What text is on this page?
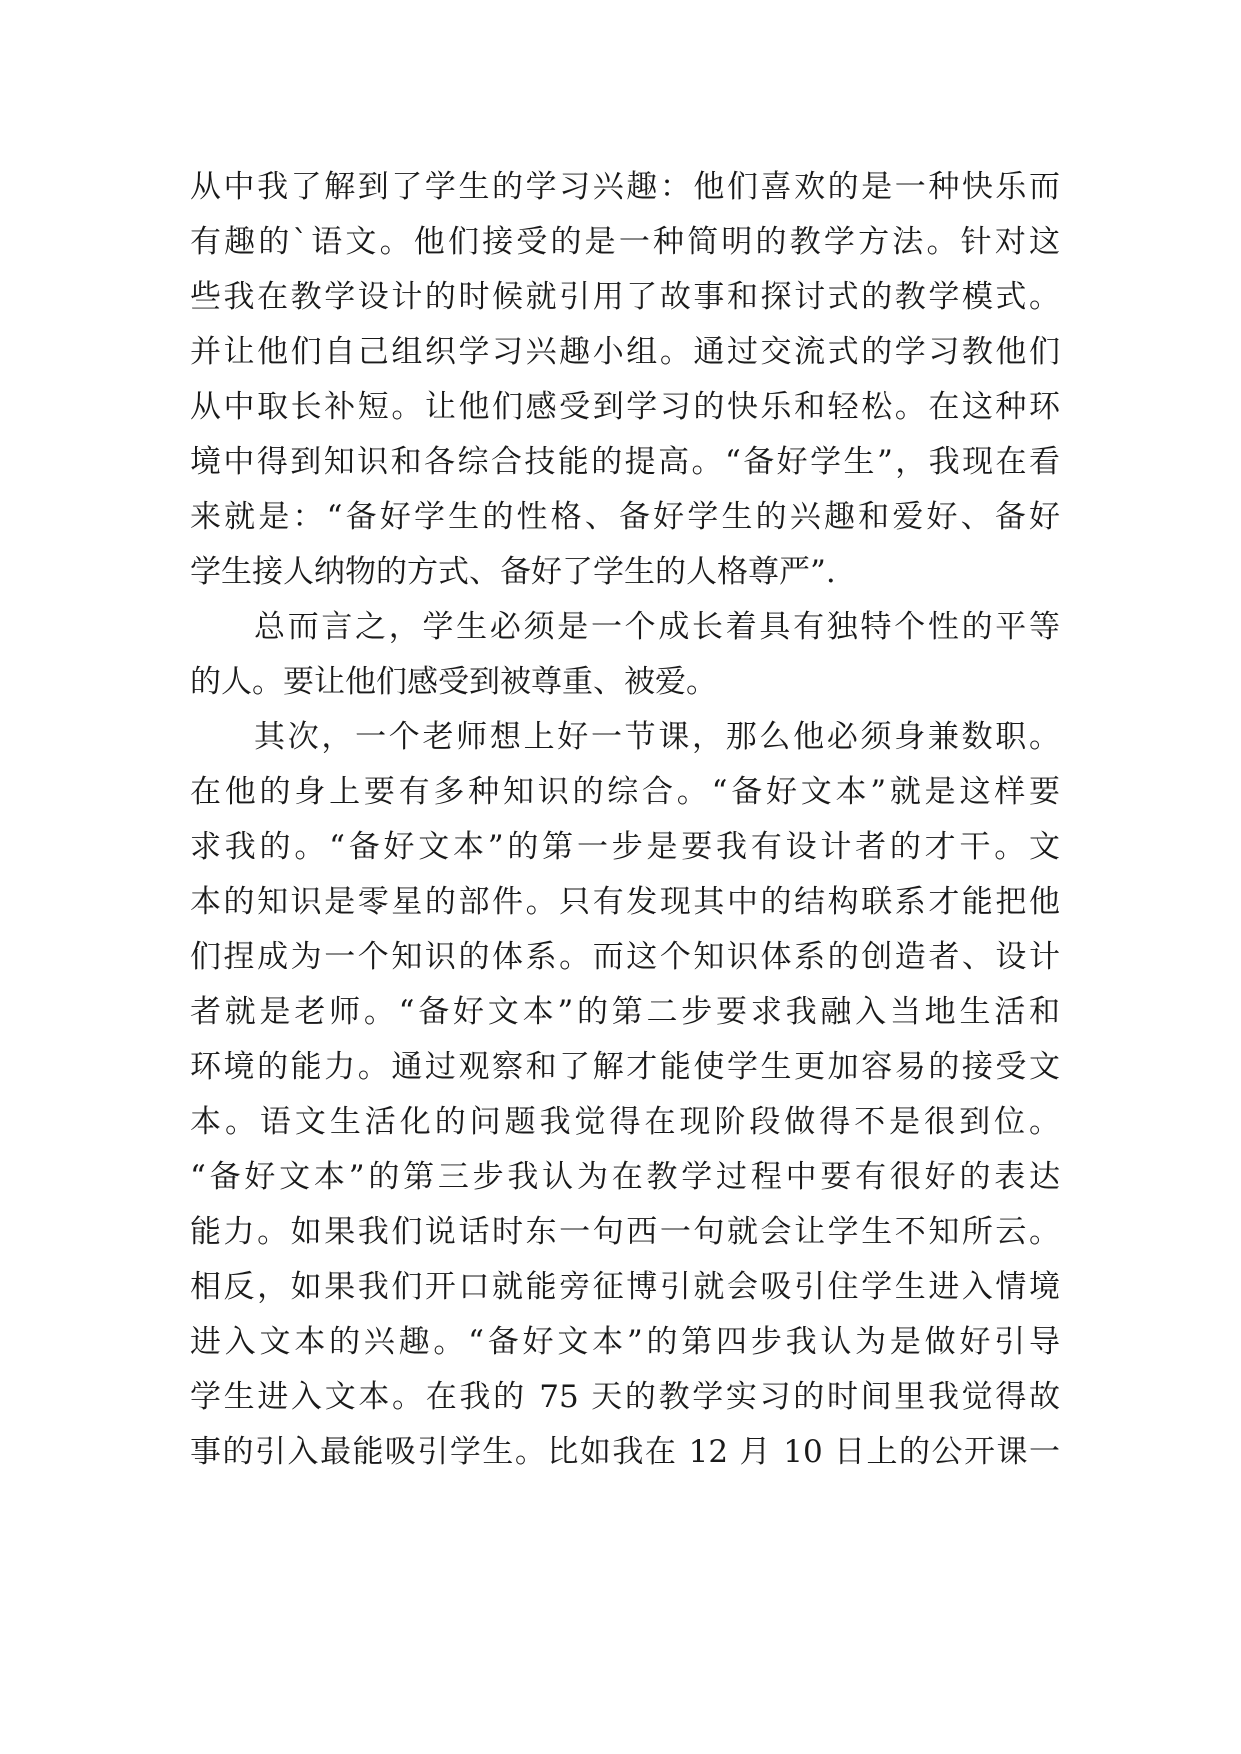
从中我了解到了学生的学习兴趣：他们喜欢的是一种快乐而
有趣的`语文。他们接受的是一种简明的教学方法。针对这
些我在教学设计的时候就引用了故事和探讨式的教学模式。
并让他们自己组织学习兴趣小组。通过交流式的学习教他们
从中取长补短。让他们感受到学习的快乐和轻松。在这种环
境中得到知识和各综合技能的提高。“备好学生”，我现在看
来就是：“备好学生的性格、备好学生的兴趣和爱好、备好
学生接人纳物的方式、备好了学生的人格尊严”.
总而言之，学生必须是一个成长着具有独特个性的平等
的人。要让他们感受到被尊重、被爱。
其次，一个老师想上好一节课，那么他必须身兼数职。
在他的身上要有多种知识的综合。“备好文本”就是这样要
求我的。“备好文本”的第一步是要我有设计者的才干。文
本的知识是零星的部件。只有发现其中的结构联系才能把他
们捏成为一个知识的体系。而这个知识体系的创造者、设计
者就是老师。“备好文本”的第二步要求我融入当地生活和
环境的能力。通过观察和了解才能使学生更加容易的接受文
本。语文生活化的问题我觉得在现阶段做得不是很到位。
“备好文本”的第三步我认为在教学过程中要有很好的表达
能力。如果我们说话时东一句西一句就会让学生不知所云。
相反，如果我们开口就能旁征博引就会吸引住学生进入情境
进入文本的兴趣。“备好文本”的第四步我认为是做好引导
学生进入文本。在我的 75 天的教学实习的时间里我觉得故
事的引入最能吸引学生。比如我在 12 月 10 日上的公开课一
